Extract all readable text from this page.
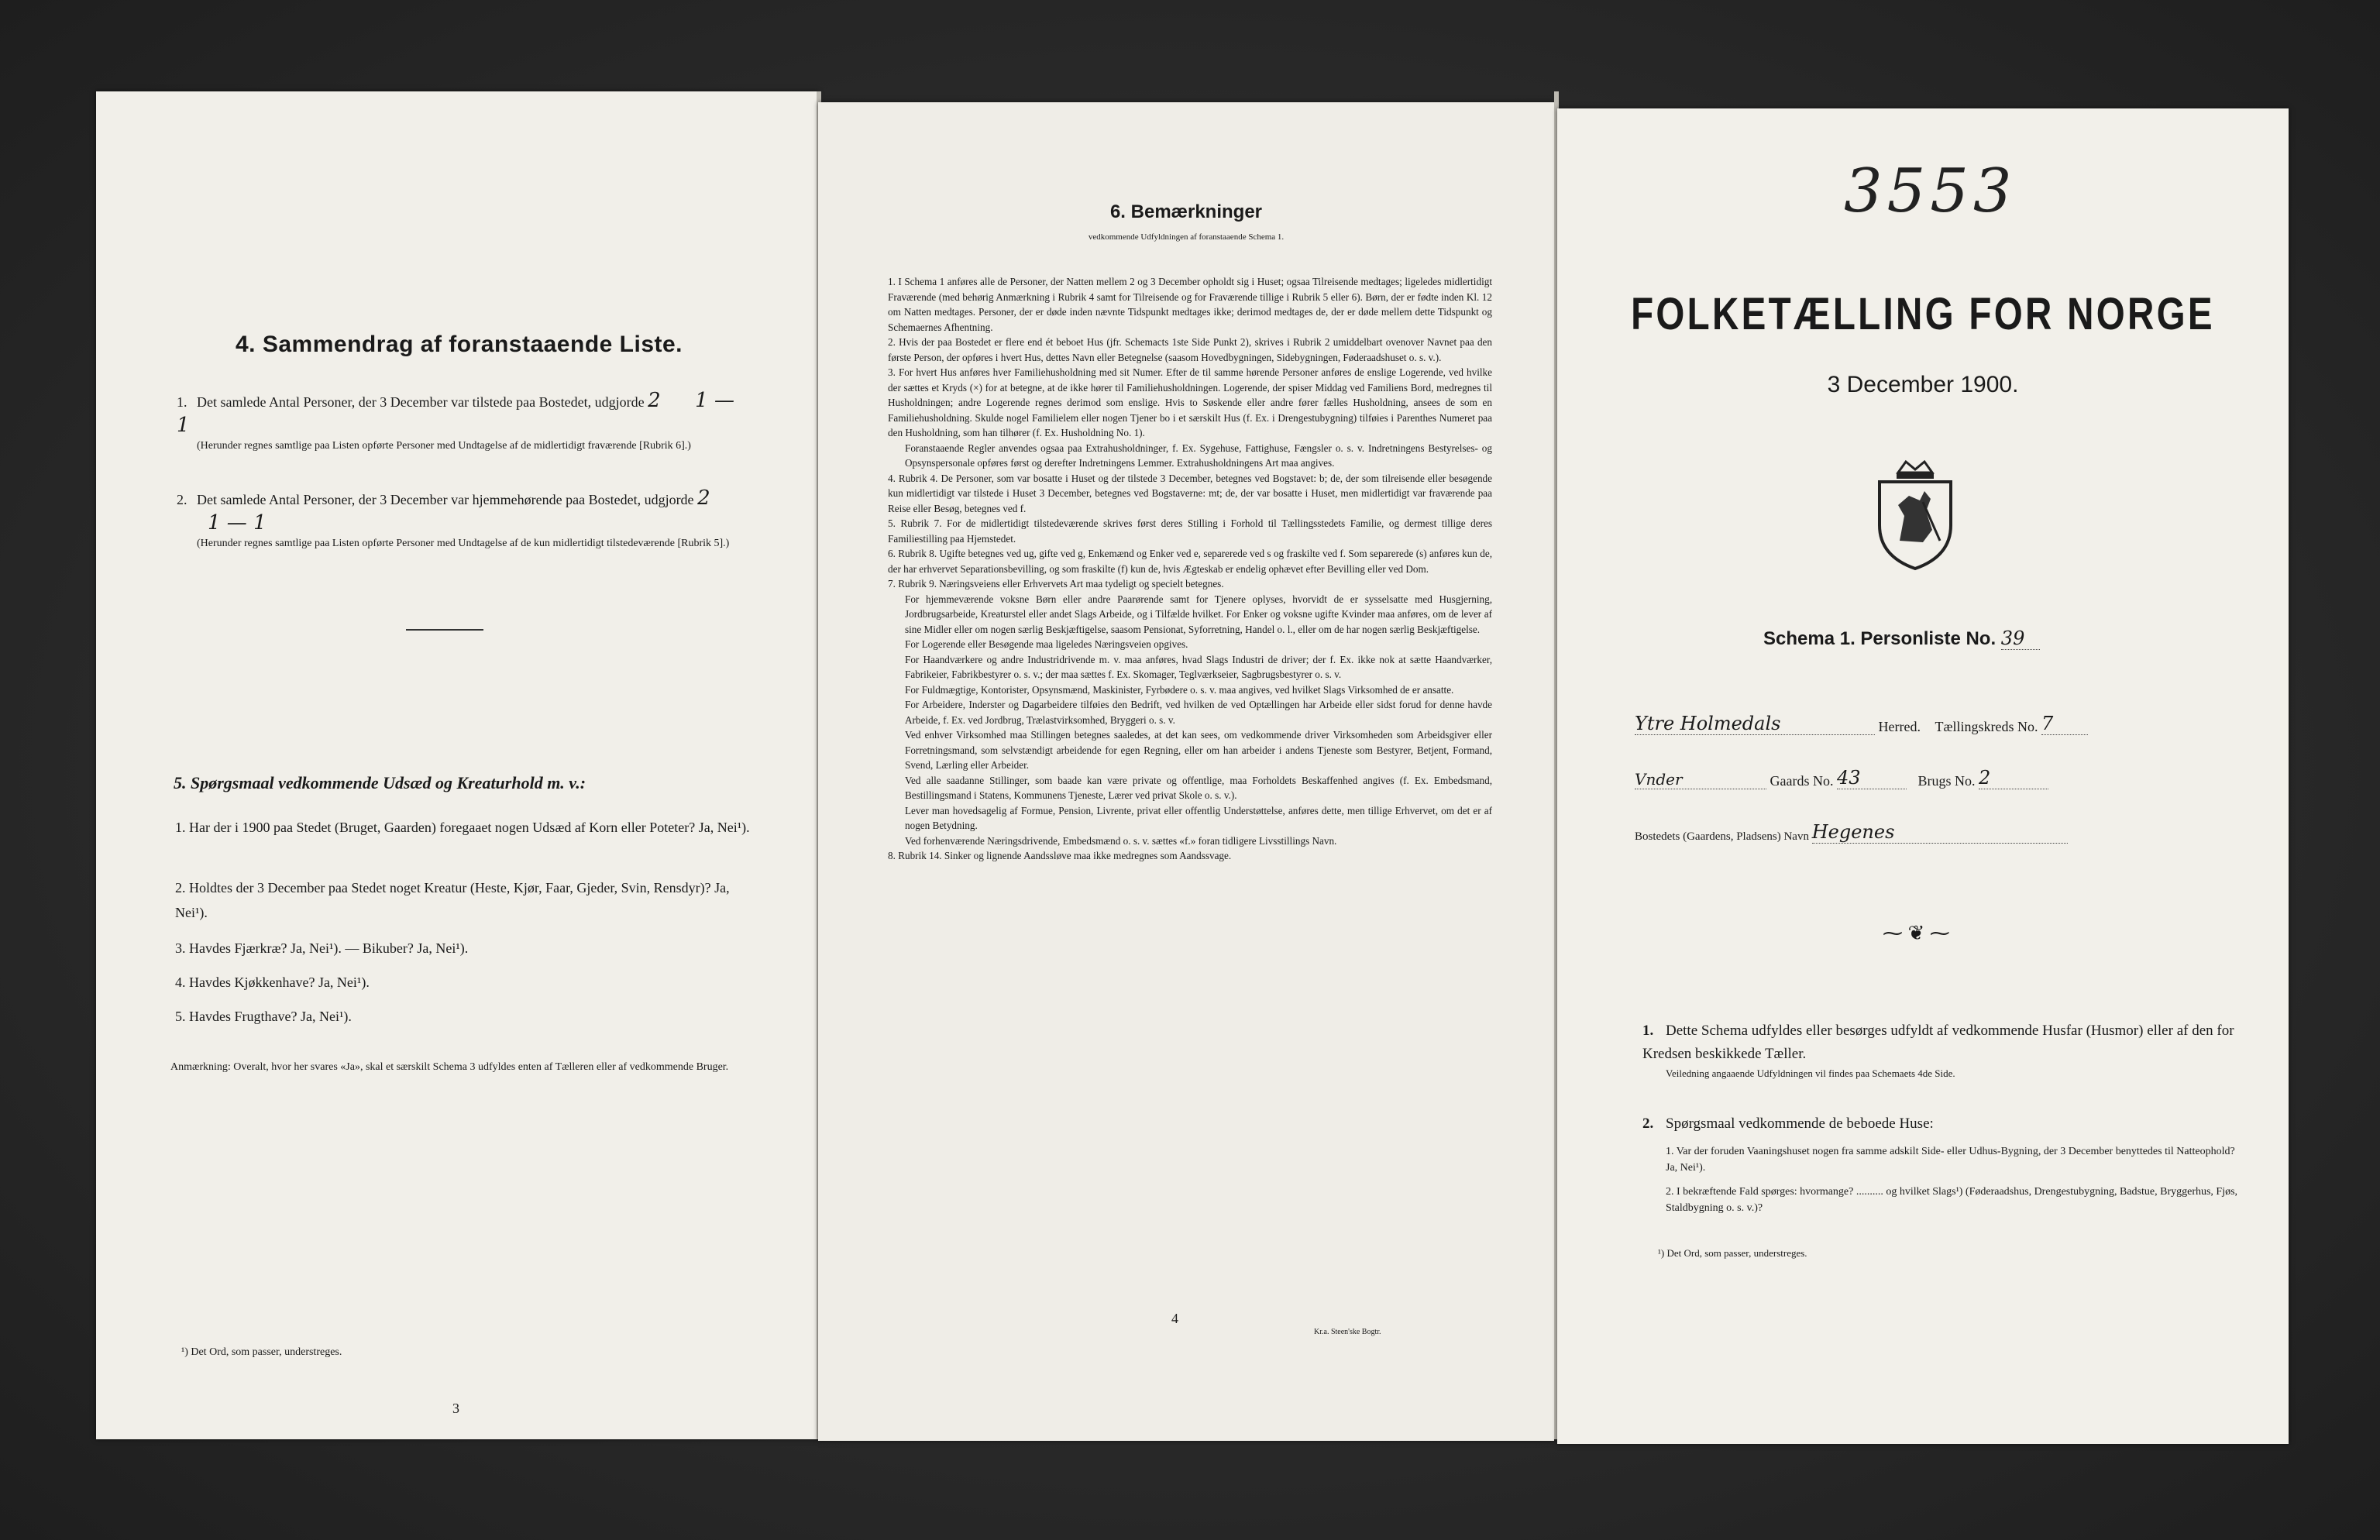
4. Sammendrag af foranstaaende Liste.
1. Det samlede Antal Personer, der 3 December var tilstede paa Bostedet, udgjorde 2 1 — 1
(Herunder regnes samtlige paa Listen opførte Personer med Undtagelse af de midlertidigt fraværende [Rubrik 6].)
2. Det samlede Antal Personer, der 3 December var hjemmehørende paa Bostedet, udgjorde 2 1 — 1
(Herunder regnes samtlige paa Listen opførte Personer med Undtagelse af de kun midlertidigt tilstedeværende [Rubrik 5].)
5. Spørgsmaal vedkommende Udsæd og Kreaturhold m. v.:
1. Har der i 1900 paa Stedet (Bruget, Gaarden) foregaaet nogen Udsæd af Korn eller Poteter? Ja, Nei¹).
2. Holdtes der 3 December paa Stedet noget Kreatur (Heste, Kjør, Faar, Gjeder, Svin, Rensdyr)? Ja, Nei¹).
3. Havdes Fjærkræ? Ja, Nei¹). — Bikuber? Ja, Nei¹).
4. Havdes Kjøkkenhave? Ja, Nei¹).
5. Havdes Frugthave? Ja, Nei¹).
Anmærkning: Overalt, hvor her svares «Ja», skal et særskilt Schema 3 udfyldes enten af Tælleren eller af vedkommende Bruger.
¹) Det Ord, som passer, understreges.
3
6. Bemærkninger
vedkommende Udfyldningen af foranstaaende Schema 1.

1. I Schema 1 anføres alle de Personer, der Natten mellem 2 og 3 December opholdt sig i Huset; ogsaa Tilreisende medtages; ligeledes midlertidigt Fraværende (med behørig Anmærkning i Rubrik 4 samt for Tilreisende og for Fraværende tillige i Rubrik 5 eller 6). Børn, der er fødte inden Kl. 12 om Natten medtages. Personer, der er døde inden nævnte Tidspunkt medtages ikke; derimod medtages de, der er døde mellem dette Tidspunkt og Schemaernes Afhentning.

2. Hvis der paa Bostedet er flere end ét beboet Hus (jfr. Schemacts 1ste Side Punkt 2), skrives i Rubrik 2 umiddelbart ovenover Navnet paa den første Person, der opføres i hvert Hus, dettes Navn eller Betegnelse (saasom Hovedbygningen, Sidebygningen, Føderaadshuset o. s. v.).

3. For hvert Hus anføres hver Familiehusholdning med sit Numer. Efter de til samme hørende Personer anføres de enslige Logerende, ved hvilke der sættes et Kryds (×) for at betegne, at de ikke hører til Familiehusholdningen. Logerende, der spiser Middag ved Familiens Bord, medregnes til Husholdningen; andre Logerende regnes derimod som enslige. Hvis to Søskende eller andre fører fælles Husholdning, ansees de som en Familiehusholdning. Skulde nogel Familielem eller nogen Tjener bo i et særskilt Hus (f. Ex. i Drengestubygning) tilføies i Parenthes Numeret paa den Husholdning, som han tilhører (f. Ex. Husholdning No. 1).

Foranstaaende Regler anvendes ogsaa paa Extrahusholdninger, f. Ex. Sygehuse, Fattighuse, Fængsler o. s. v. Indretningens Bestyrelses- og Opsynspersonale opføres først og derefter Indretningens Lemmer. Extrahusholdningens Art maa angives.

4. Rubrik 4. De Personer, som var bosatte i Huset og der tilstede 3 December, betegnes ved Bogstavet: b; de, der som tilreisende eller besøgende kun midlertidigt var tilstede i Huset 3 December, betegnes ved Bogstaverne: mt; de, der var bosatte i Huset, men midlertidigt var fraværende paa Reise eller Besøg, betegnes ved f.

5. Rubrik 7. For de midlertidigt tilstedeværende skrives først deres Stilling i Forhold til Tællingsstedets Familie, og dermest tillige deres Familiestilling paa Hjemstedet.

6. Rubrik 8. Ugifte betegnes ved ug, gifte ved g, Enkemænd og Enker ved e, separerede ved s og fraskilte ved f. Som separerede (s) anføres kun de, der har erhvervet Separationsbevilling, og som fraskilte (f) kun de, hvis Ægteskab er endelig ophævet efter Bevilling eller ved Dom.

7. Rubrik 9. Næringsveiens eller Erhvervets Art maa tydeligt og specielt betegnes.

For hjemmeværende voksne Børn eller andre Paarørende samt for Tjenere oplyses, hvorvidt de er sysselsatte med Husgjerning, Jordbrugsarbeide, Kreaturstel eller andet Slags Arbeide, og i Tilfælde hvilket. For Enker og voksne ugifte Kvinder maa anføres, om de lever af sine Midler eller om nogen særlig Beskjæftigelse, saasom Pensionat, Syforretning, Handel o. l., eller om de har nogen særlig Beskjæftigelse.

For Logerende eller Besøgende maa ligeledes Næringsveien opgives.

For Haandværkere og andre Industridrivende m. v. maa anføres, hvad Slags Industri de driver; der f. Ex. ikke nok at sætte Haandværker, Fabrikeier, Fabrikbestyrer o. s. v.; der maa sættes f. Ex. Skomager, Teglværkseier, Sagbrugsbestyrer o. s. v.

For Fuldmægtige, Kontorister, Opsynsmænd, Maskinister, Fyrbødere o. s. v. maa angives, ved hvilket Slags Virksomhed de er ansatte.

For Arbeidere, Inderster og Dagarbeidere tilføies den Bedrift, ved hvilken de ved Optællingen har Arbeide eller sidst forud for denne havde Arbeide, f. Ex. ved Jordbrug, Trælastvirksomhed, Bryggeri o. s. v.

Ved enhver Virksomhed maa Stillingen betegnes saaledes, at det kan sees, om vedkommende driver Virksomheden som Arbeidsgiver eller Forretningsmand, som selvstændigt arbeidende for egen Regning, eller om han arbeider i andens Tjeneste som Bestyrer, Betjent, Formand, Svend, Lærling eller Arbeider.

Ved alle saadanne Stillinger, som baade kan være private og offentlige, maa Forholdets Beskaffenhed angives (f. Ex. Embedsmand, Bestillingsmand i Statens, Kommunens Tjeneste, Lærer ved privat Skole o. s. v.).

Lever man hovedsagelig af Formue, Pension, Livrente, privat eller offentlig Understøttelse, anføres dette, men tillige Erhvervet, om det er af nogen Betydning.

Ved forhenværende Næringsdrivende, Embedsmænd o. s. v. sættes «f.» foran tidligere Livsstillings Navn.

8. Rubrik 14. Sinker og lignende Aandssløve maa ikke medregnes som Aandssvage.

4
Kr.a. Steen'ske Bogtr.
3553
FOLKETÆLLING FOR NORGE
3 December 1900.
Schema 1. Personliste No. 39
Ytre Holmedals	Herred. Tællingskreds No. 7
Vnder	Gaards No. 43	Brugs No. 2
Bostedets (Gaardens, Pladsens) Navn Hegenes
⁓ ❦ ⁓
1. Dette Schema udfyldes eller besørges udfyldt af vedkommende Husfar (Husmor) eller af den for Kredsen beskikkede Tæller.
Veiledning angaaende Udfyldningen vil findes paa Schemaets 4de Side.
2. Spørgsmaal vedkommende de beboede Huse:
1. Var der foruden Vaaningshuset nogen fra samme adskilt Side- eller Udhus-Bygning, der 3 December benyttedes til Natteophold? Ja, Nei¹).
2. I bekræftende Fald spørges: hvormange? .......... og hvilket Slags¹) (Føderaadshus, Drengestubygning, Badstue, Bryggerhus, Fjøs, Staldbygning o. s. v.)?
¹) Det Ord, som passer, understreges.
